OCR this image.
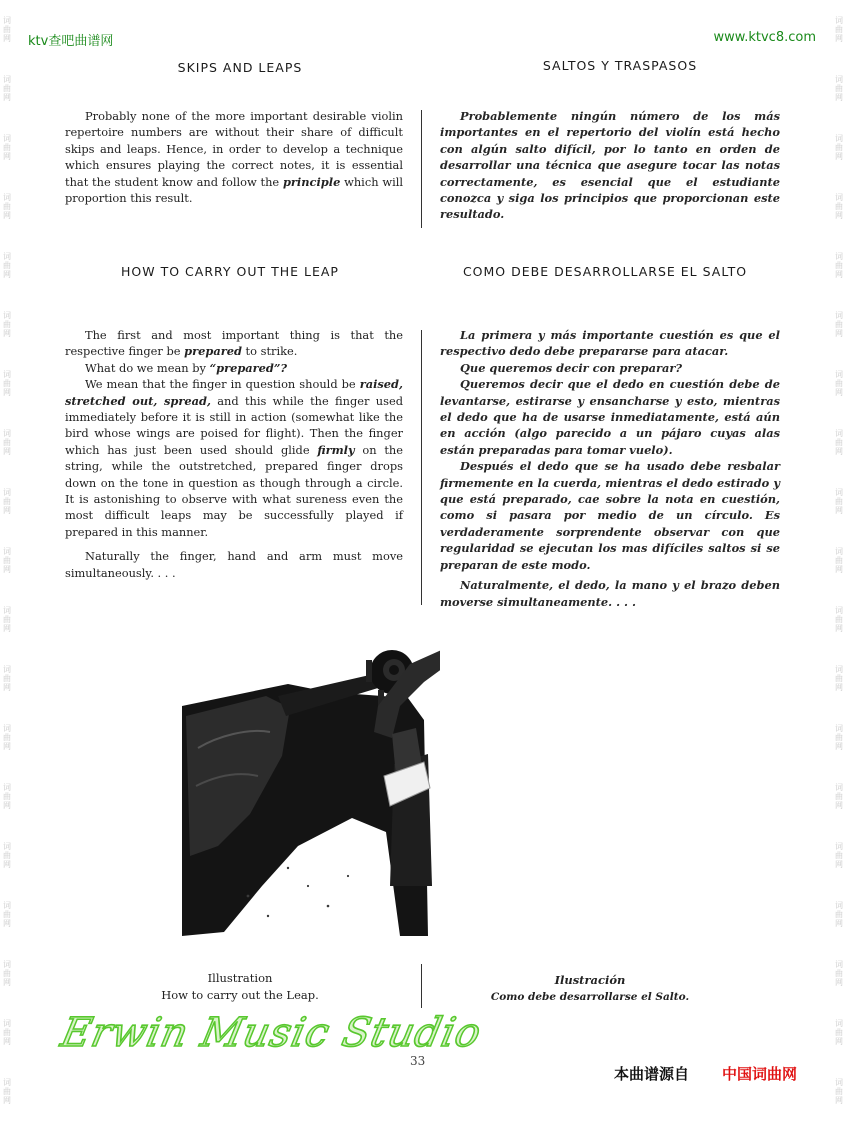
词
曲
网
词
曲
网
词
曲
网
词
曲
网
词
曲
网
词
曲
网
词
曲
网
词
曲
网
词
曲
网
词
曲
网
词
曲
网
词
曲
网
词
曲
网
词
曲
网
词
曲
网
词
曲
网
词
曲
网
词
曲
网
词
曲
网
词
曲
网
词
曲
网
词
曲
网
词
曲
网
词
曲
网
词
曲
网
词
曲
网
词
曲
网
词
曲
网
词
曲
网
词
曲
网
词
曲
网
词
曲
网
词
曲
网
词
曲
网
词
曲
网
词
曲
网
词
曲
网
词
曲
网
ktv查吧曲谱网	www.ktvc8.com
SKIPS AND LEAPS	SALTOS Y TRASPASOS

Probably none of the more important desirable violin repertoire numbers are without their share of difficult skips and leaps. Hence, in order to develop a technique which ensures playing the correct notes, it is essential that the student know and follow the principle which will proportion this result.

Probablemente ningún número de los más importantes en el repertorio del violín está hecho con algún salto difícil, por lo tanto en orden de desarrollar una técnica que asegure tocar las notas correctamente, es esencial que el estudiante conozca y siga los principios que proporcionan este resultado.

HOW TO CARRY OUT THE LEAP	COMO DEBE DESARROLLARSE EL SALTO

The first and most important thing is that the respective finger be prepared to strike.

What do we mean by “prepared”?

We mean that the finger in question should be raised, stretched out, spread, and this while the finger used immediately before it is still in action (somewhat like the bird whose wings are poised for flight). Then the finger which has just been used should glide firmly on the string, while the outstretched, prepared finger drops down on the tone in question as though through a circle. It is astonishing to observe with what sureness even the most difficult leaps may be successfully played if prepared in this manner.

Naturally the finger, hand and arm must move simultaneously. . . .

La primera y más importante cuestión es que el respectivo dedo debe prepararse para atacar.

Que queremos decir con preparar?

Queremos decir que el dedo en cuestión debe de levantarse, estirarse y ensancharse y esto, mientras el dedo que ha de usarse inmediatamente, está aún en acción (algo parecido a un pájaro cuyas alas están preparadas para tomar vuelo).

Después el dedo que se ha usado debe resbalar firmemente en la cuerda, mientras el dedo estirado y que está preparado, cae sobre la nota en cuestión, como si pasara por medio de un círculo. Es verdaderamente sorprendente observar con que regularidad se ejecutan los mas difíciles saltos si se preparan de este modo.

Naturalmente, el dedo, la mano y el brazo deben moverse simultaneamente. . . .

Illustration
How to carry out the Leap.
Ilustración
Como debe desarrollarse el Salto.
Erwin Music Studio
33
本曲谱源自 中国词曲网
